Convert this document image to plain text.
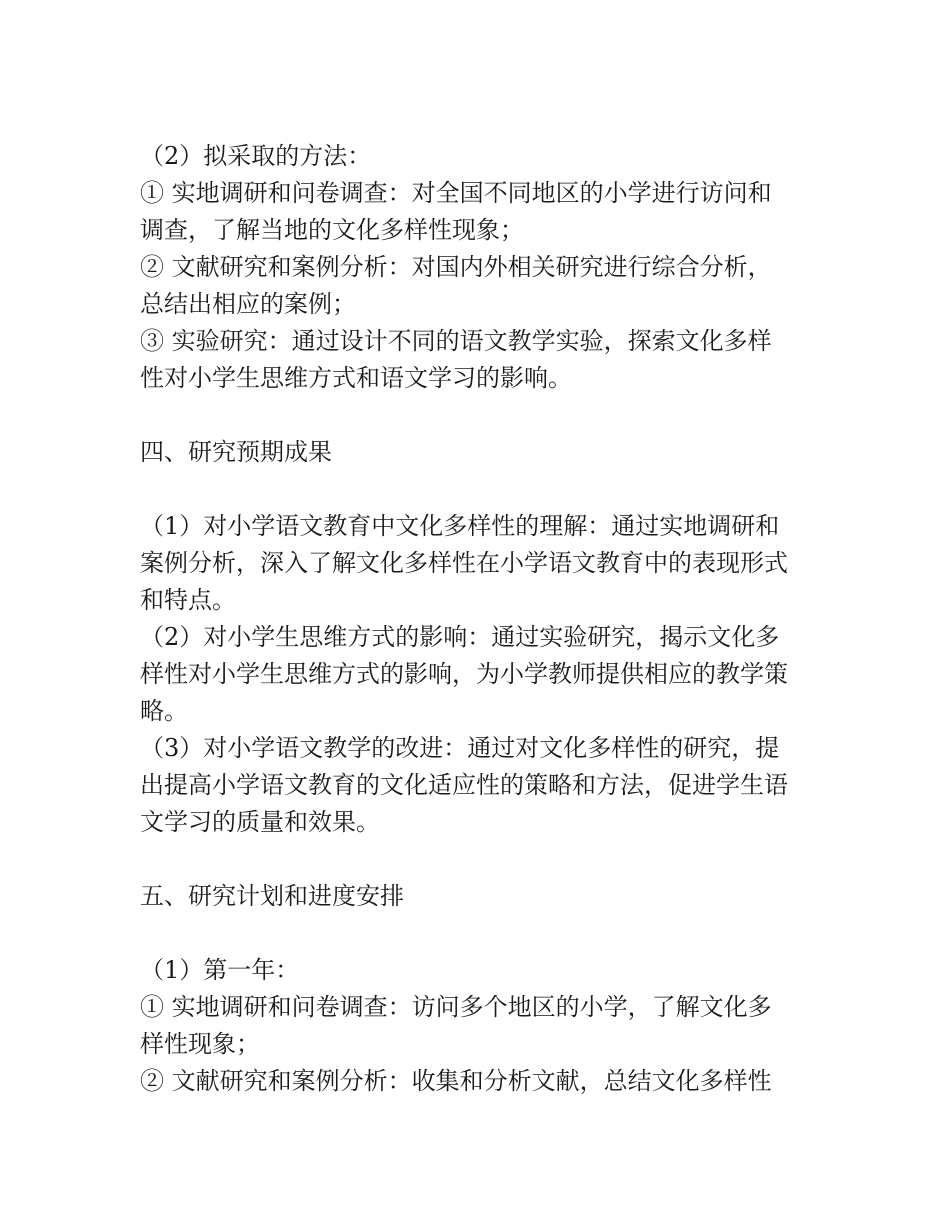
（2）拟采取的方法：
① 实地调研和问卷调查：对全国不同地区的小学进行访问和
调查，了解当地的文化多样性现象；
② 文献研究和案例分析：对国内外相关研究进行综合分析，
总结出相应的案例；
③ 实验研究：通过设计不同的语文教学实验，探索文化多样
性对小学生思维方式和语文学习的影响。
四、研究预期成果
（1）对小学语文教育中文化多样性的理解：通过实地调研和
案例分析，深入了解文化多样性在小学语文教育中的表现形式
和特点。
（2）对小学生思维方式的影响：通过实验研究，揭示文化多
样性对小学生思维方式的影响，为小学教师提供相应的教学策
略。
（3）对小学语文教学的改进：通过对文化多样性的研究，提
出提高小学语文教育的文化适应性的策略和方法，促进学生语
文学习的质量和效果。
五、研究计划和进度安排
（1）第一年：
① 实地调研和问卷调查：访问多个地区的小学，了解文化多
样性现象；
② 文献研究和案例分析：收集和分析文献，总结文化多样性
